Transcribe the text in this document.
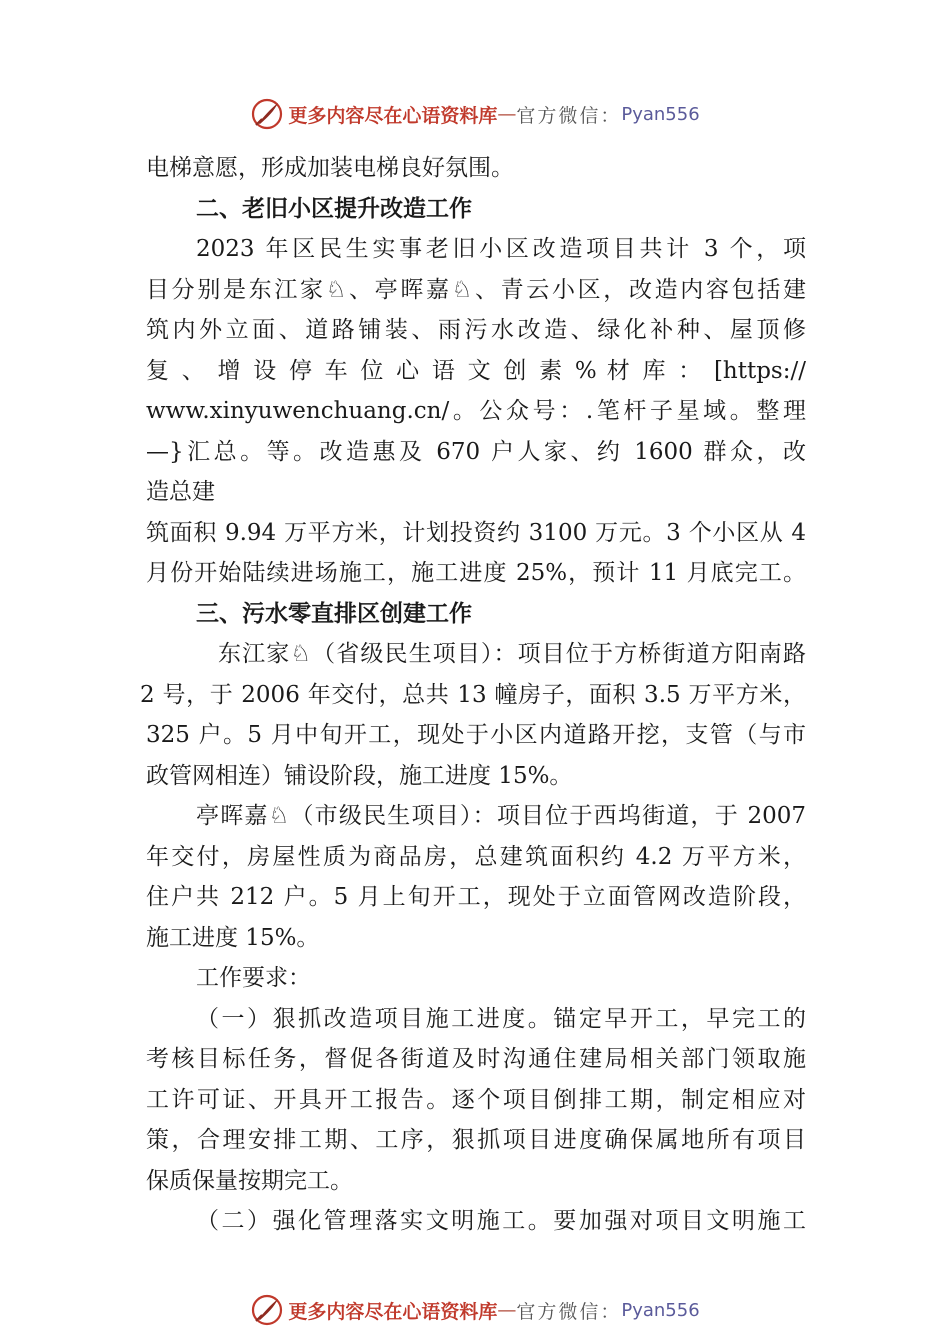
更多内容尽在心语资料库 — 官方微信： Pyan556
电梯意愿，形成加装电梯良好氛围。
二、老旧小区提升改造工作
2023 年区民生实事老旧小区改造项目共计 3 个，项
目分别是东江家♘、亭晖嘉♘、青云小区，改造内容包括建
筑内外立面、道路铺装、雨污水改造、绿化补种、屋顶修
复 、 增 设 停 车 位 心 语 文 创 素 % 材 库 ： [https://
www.xinyuwenchuang.cn/。公众号：.笔杆子星域。整理
—}汇总。等。改造惠及 670 户人家、约 1600 群众，改
造总建
筑面积 9.94 万平方米，计划投资约 3100 万元。3 个小区从 4
月份开始陆续进场施工，施工进度 25%，预计 11 月底完工。
三、污水零直排区创建工作
东江家♘（省级民生项目）：项目位于方桥街道方阳南路
2 号，于 2006 年交付，总共 13 幢房子，面积 3.5 万平方米，
325 户。5 月中旬开工，现处于小区内道路开挖，支管（与市
政管网相连）铺设阶段，施工进度 15%。
亭晖嘉♘（市级民生项目）：项目位于西坞街道，于 2007
年交付，房屋性质为商品房，总建筑面积约 4.2 万平方米，
住户共 212 户。5 月上旬开工，现处于立面管网改造阶段，
施工进度 15%。
工作要求：
（一）狠抓改造项目施工进度。锚定早开工，早完工的
考核目标任务，督促各街道及时沟通住建局相关部门领取施
工许可证、开具开工报告。逐个项目倒排工期，制定相应对
策，合理安排工期、工序，狠抓项目进度确保属地所有项目
保质保量按期完工。
（二）强化管理落实文明施工。要加强对项目文明施工
更多内容尽在心语资料库 — 官方微信： Pyan556
